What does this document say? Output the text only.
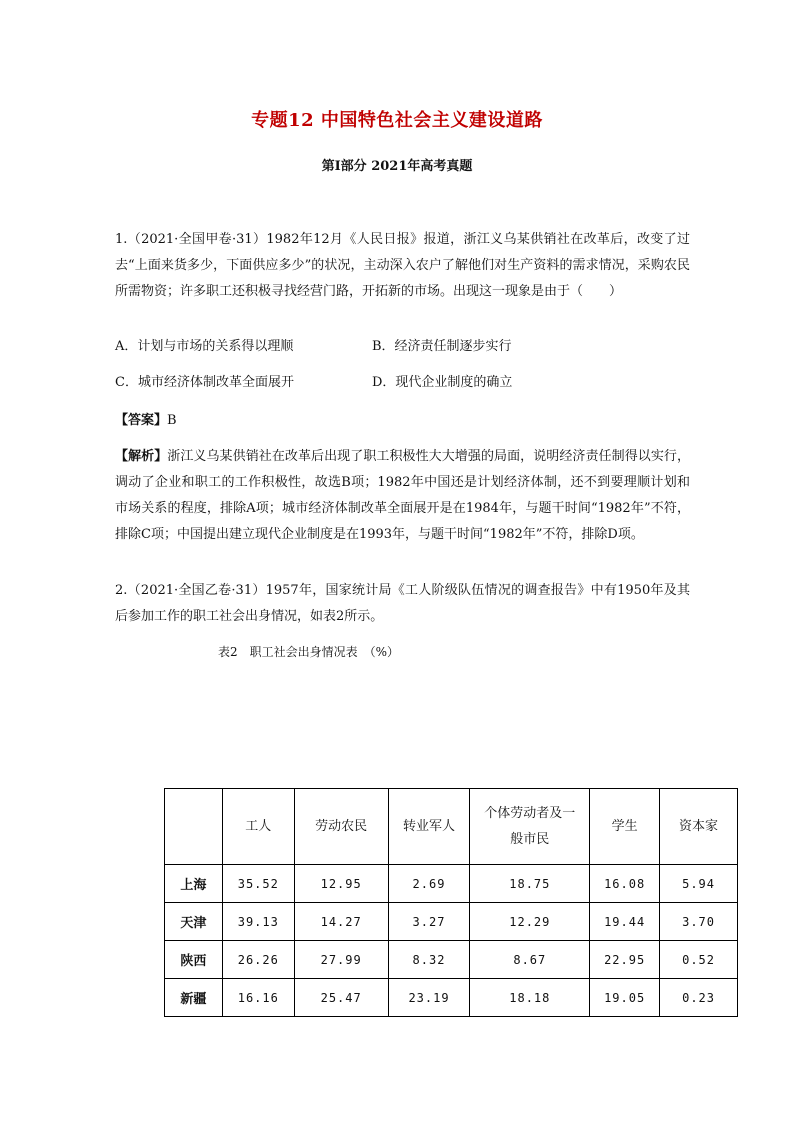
专题12 中国特色社会主义建设道路
第Ⅰ部分 2021年高考真题
1.（2021·全国甲卷·31）1982年12月《人民日报》报道，浙江义乌某供销社在改革后，改变了过去“上面来货多少，下面供应多少”的状况，主动深入农户了解他们对生产资料的需求情况，采购农民所需物资；许多职工还积极寻找经营门路，开拓新的市场。出现这一现象是由于（　　）
A．计划与市场的关系得以理顺	B．经济责任制逐步实行
C．城市经济体制改革全面展开	D．现代企业制度的确立
【答案】B
【解析】浙江义乌某供销社在改革后出现了职工积极性大大增强的局面，说明经济责任制得以实行，调动了企业和职工的工作积极性，故选B项；1982年中国还是计划经济体制，还不到要理顺计划和市场关系的程度，排除A项；城市经济体制改革全面展开是在1984年，与题干时间“1982年”不符，排除C项；中国提出建立现代企业制度是在1993年，与题干时间“1982年”不符，排除D项。
2.（2021·全国乙卷·31）1957年，国家统计局《工人阶级队伍情况的调查报告》中有1950年及其后参加工作的职工社会出身情况，如表2所示。
表2　职工社会出身情况表　（%）
	工人	劳动农民	转业军人	个体劳动者及一般市民	学生	资本家
上海	35.52	12.95	2.69	18.75	16.08	5.94
天津	39.13	14.27	3.27	12.29	19.44	3.70
陕西	26.26	27.99	8.32	8.67	22.95	0.52
新疆	16.16	25.47	23.19	18.18	19.05	0.23
